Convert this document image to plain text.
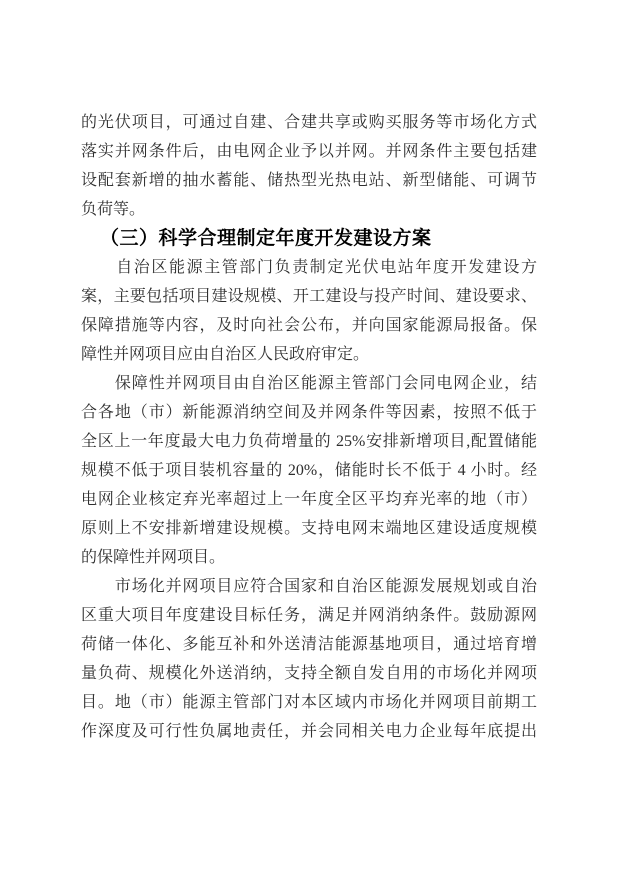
的光伏项目，可通过自建、合建共享或购买服务等市场化方式
落实并网条件后，由电网企业予以并网。并网条件主要包括建
设配套新增的抽水蓄能、储热型光热电站、新型储能、可调节
负荷等。
（三）科学合理制定年度开发建设方案
　　自治区能源主管部门负责制定光伏电站年度开发建设方
案，主要包括项目建设规模、开工建设与投产时间、建设要求、
保障措施等内容，及时向社会公布，并向国家能源局报备。保
障性并网项目应由自治区人民政府审定。
　　保障性并网项目由自治区能源主管部门会同电网企业，结
合各地（市）新能源消纳空间及并网条件等因素，按照不低于
全区上一年度最大电力负荷增量的 25%安排新增项目,配置储能
规模不低于项目装机容量的 20%，储能时长不低于 4 小时。经
电网企业核定弃光率超过上一年度全区平均弃光率的地（市）
原则上不安排新增建设规模。支持电网末端地区建设适度规模
的保障性并网项目。
　　市场化并网项目应符合国家和自治区能源发展规划或自治
区重大项目年度建设目标任务，满足并网消纳条件。鼓励源网
荷储一体化、多能互补和外送清洁能源基地项目，通过培育增
量负荷、规模化外送消纳，支持全额自发自用的市场化并网项
目。地（市）能源主管部门对本区域内市场化并网项目前期工
作深度及可行性负属地责任，并会同相关电力企业每年底提出
